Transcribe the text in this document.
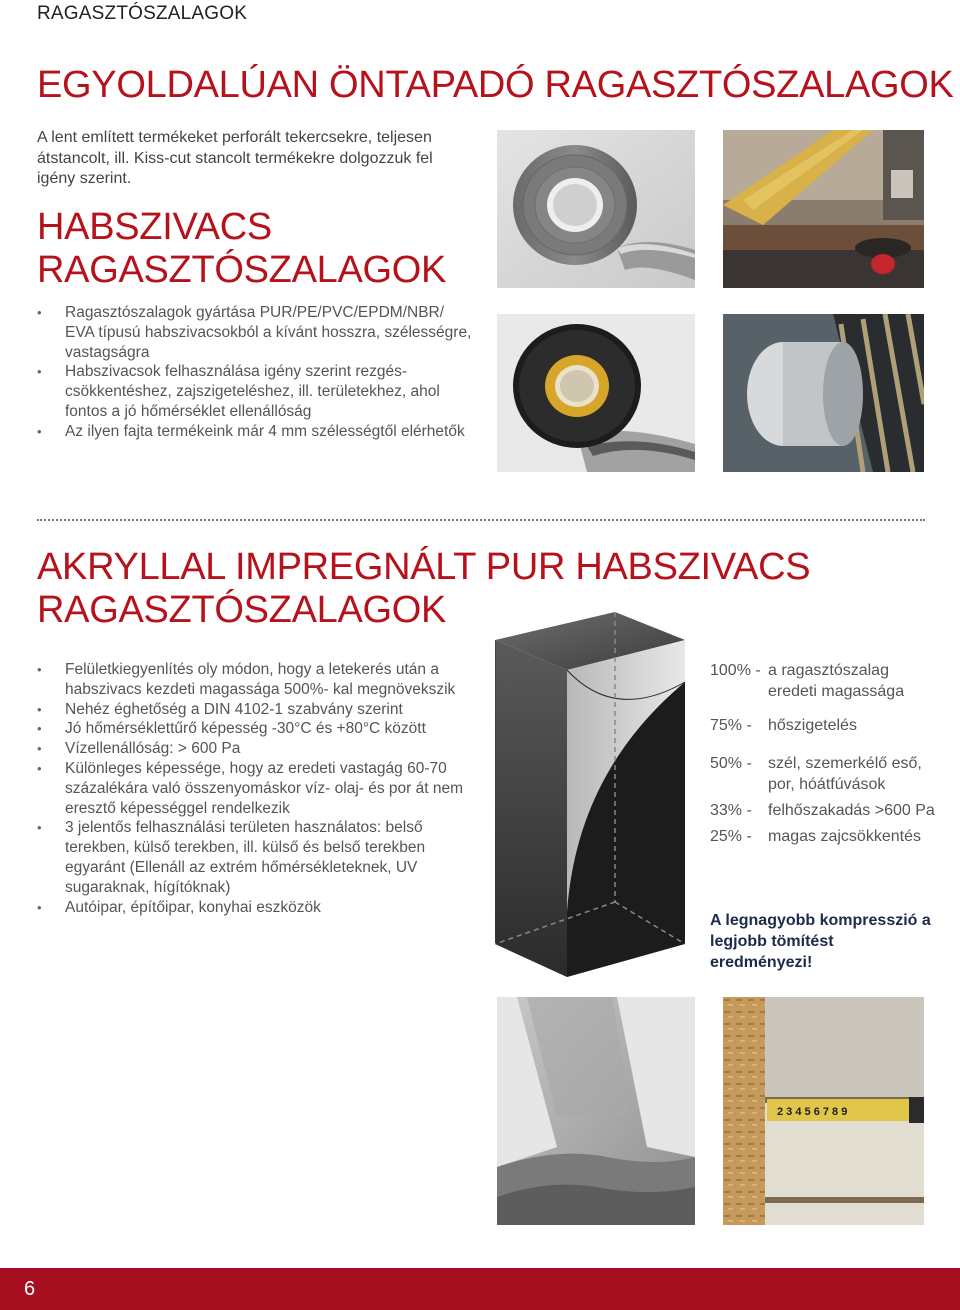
RAGASZTÓSZALAGOK
EGYOLDALÚAN ÖNTAPADÓ RAGASZTÓSZALAGOK

A lent említett termékeket perforált tekercsekre, teljesen átstancolt, ill. Kiss-cut stancolt termékekre dolgozzuk fel igény szerint.

HABSZIVACS
RAGASZTÓSZALAGOK
• Ragasztószalagok gyártása PUR/PE/PVC/EPDM/NBR/ EVA típusú habszivacsokból a kívánt hosszra, szélességre, vastagságra
• Habszivacsok felhasználása igény szerint rezgéscsökkentéshez, zajszigeteléshez, ill. területekhez, ahol fontos a jó hőmérséklet ellenállóság
• Az ilyen fajta termékeink már 4 mm szélességtől elérhetők
AKRYLLAL IMPREGNÁLT PUR HABSZIVACS
RAGASZTÓSZALAGOK
• Felületkiegyenlítés oly módon, hogy a letekerés után a habszivacs kezdeti magassága 500%- kal megnövekszik
• Nehéz éghetőség a DIN 4102-1 szabvány szerint
• Jó hőmérséklettűrő képesség -30°C és +80°C között
• Vízellenállóság: > 600 Pa
• Különleges képessége, hogy az eredeti vastagág 60-70 százalékára való összenyomáskor víz- olaj- és por át nem eresztő képességgel rendelkezik
• 3 jelentős felhasználási területen használatos: belső terekben, külső terekben, ill. külső és belső terekben egyaránt (Ellenáll az extrém hőmérsékleteknek, UV sugaraknak, hígítóknak)
• Autóipar, építőipar, konyhai eszközök
100% - a ragasztószalag eredeti magassága
75% -	hőszigetelés
50% -	szél, szemerkélő eső, por, hóátfúvások
33% -	felhőszakadás >600 Pa
25% -	magas zajcsökkentés

A legnagyobb kompresszió a legjobb tömítést eredményezi!

2 3 4 5 6 7 8 9
6
